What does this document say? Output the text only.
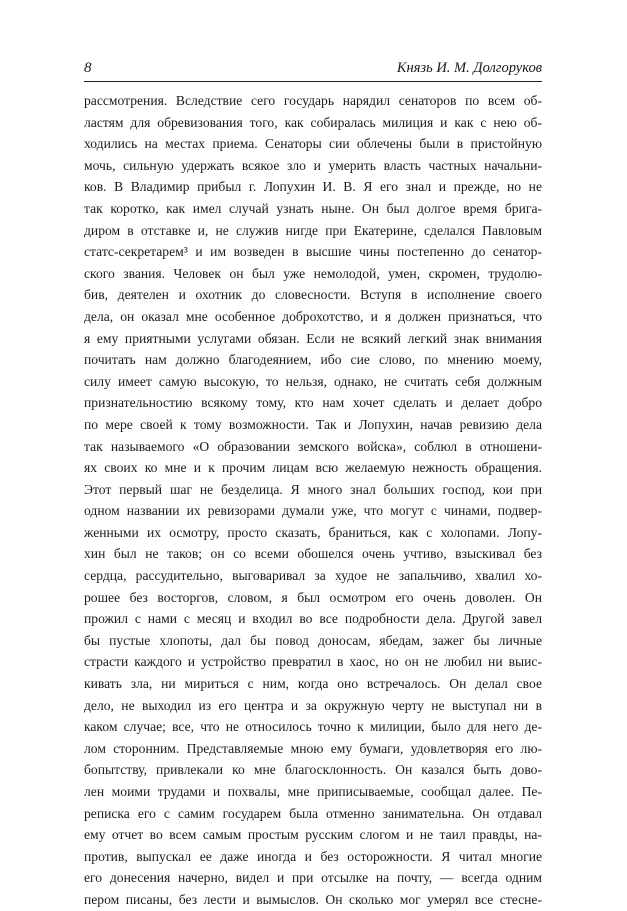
8	Князь И. М. Долгоруков
рассмотрения. Вследствие сего государь нарядил сенаторов по всем об-
ластям для обревизования того, как собиралась милиция и как с нею об-
ходились на местах приема. Сенаторы сии облечены были в пристойную
мочь, сильную удержать всякое зло и умерить власть частных начальни-
ков. В Владимир прибыл г. Лопухин И. В. Я его знал и прежде, но не
так коротко, как имел случай узнать ныне. Он был долгое время брига-
диром в отставке и, не служив нигде при Екатерине, сделался Павловым
статс-секретарем³ и им возведен в высшие чины постепенно до сенатор-
ского звания. Человек он был уже немолодой, умен, скромен, трудолю-
бив, деятелен и охотник до словесности. Вступя в исполнение своего
дела, он оказал мне особенное доброхотство, и я должен признаться, что
я ему приятными услугами обязан. Если не всякий легкий знак внимания
почитать нам должно благодеянием, ибо сие слово, по мнению моему,
силу имеет самую высокую, то нельзя, однако, не считать себя должным
признательностию всякому тому, кто нам хочет сделать и делает добро
по мере своей к тому возможности. Так и Лопухин, начав ревизию дела
так называемого «О образовании земского войска», соблюл в отношени-
ях своих ко мне и к прочим лицам всю желаемую нежность обращения.
Этот первый шаг не безделица. Я много знал больших господ, кои при
одном названии их ревизорами думали уже, что могут с чинами, подвер-
женными их осмотру, просто сказать, браниться, как с холопами. Лопу-
хин был не таков; он со всеми обошелся очень учтиво, взыскивал без
сердца, рассудительно, выговаривал за худое не запальчиво, хвалил хо-
рошее без восторгов, словом, я был осмотром его очень доволен. Он
прожил с нами с месяц и входил во все подробности дела. Другой завел
бы пустые хлопоты, дал бы повод доносам, ябедам, зажег бы личные
страсти каждого и устройство превратил в хаос, но он не любил ни выис-
кивать зла, ни мириться с ним, когда оно встречалось. Он делал свое
дело, не выходил из его центра и за окружную черту не выступал ни в
каком случае; все, что не относилось точно к милиции, было для него де-
лом сторонним. Представляемые мною ему бумаги, удовлетворяя его лю-
бопытству, привлекали ко мне благосклонность. Он казался быть дово-
лен моими трудами и похвалы, мне приписываемые, сообщал далее. Пе-
реписка его с самим государем была отменно занимательна. Он отдавал
ему отчет во всем самым простым русским слогом и не таил правды, на-
против, выпускал ее даже иногда и без осторожности. Я читал многие
его донесения начерно, видел и при отсылке на почту, — всегда одним
пером писаны, без лести и вымыслов. Он сколько мог умерял все стесне-
